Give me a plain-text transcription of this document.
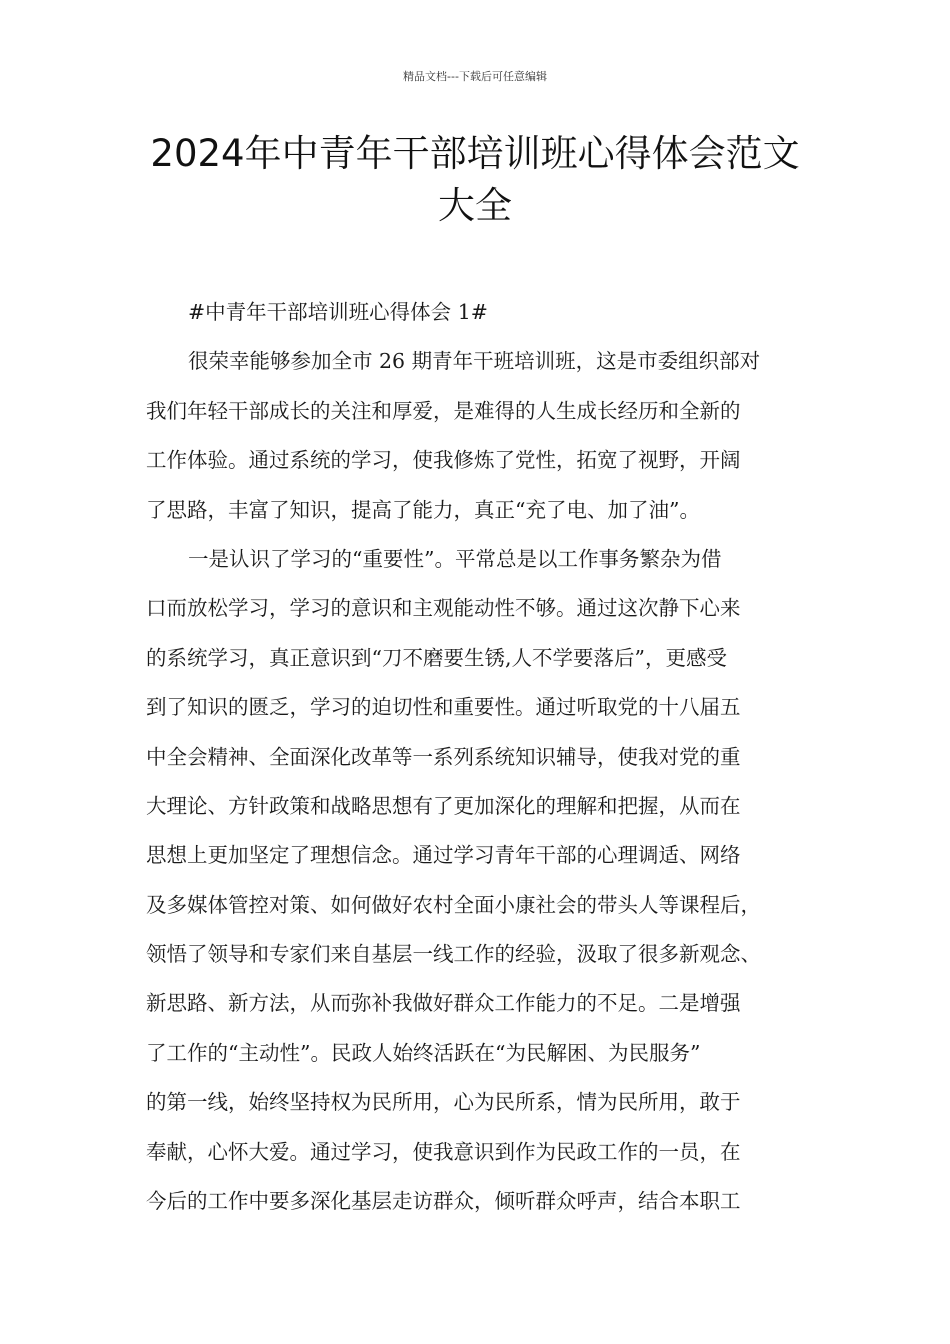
精品文档---下载后可任意编辑
2024年中青年干部培训班心得体会范文
大全
#中青年干部培训班心得体会 1#
很荣幸能够参加全市 26 期青年干班培训班，这是市委组织部对
我们年轻干部成长的关注和厚爱，是难得的人生成长经历和全新的
工作体验。通过系统的学习，使我修炼了党性，拓宽了视野，开阔
了思路，丰富了知识，提高了能力，真正“充了电、加了油”。
一是认识了学习的“重要性”。平常总是以工作事务繁杂为借
口而放松学习，学习的意识和主观能动性不够。通过这次静下心来
的系统学习，真正意识到“刀不磨要生锈,人不学要落后”，更感受
到了知识的匮乏，学习的迫切性和重要性。通过听取党的十八届五
中全会精神、全面深化改革等一系列系统知识辅导，使我对党的重
大理论、方针政策和战略思想有了更加深化的理解和把握，从而在
思想上更加坚定了理想信念。通过学习青年干部的心理调适、网络
及多媒体管控对策、如何做好农村全面小康社会的带头人等课程后，
领悟了领导和专家们来自基层一线工作的经验，汲取了很多新观念、
新思路、新方法，从而弥补我做好群众工作能力的不足。二是增强
了工作的“主动性”。民政人始终活跃在“为民解困、为民服务”
的第一线，始终坚持权为民所用，心为民所系，情为民所用，敢于
奉献，心怀大爱。通过学习，使我意识到作为民政工作的一员，在
今后的工作中要多深化基层走访群众，倾听群众呼声，结合本职工
